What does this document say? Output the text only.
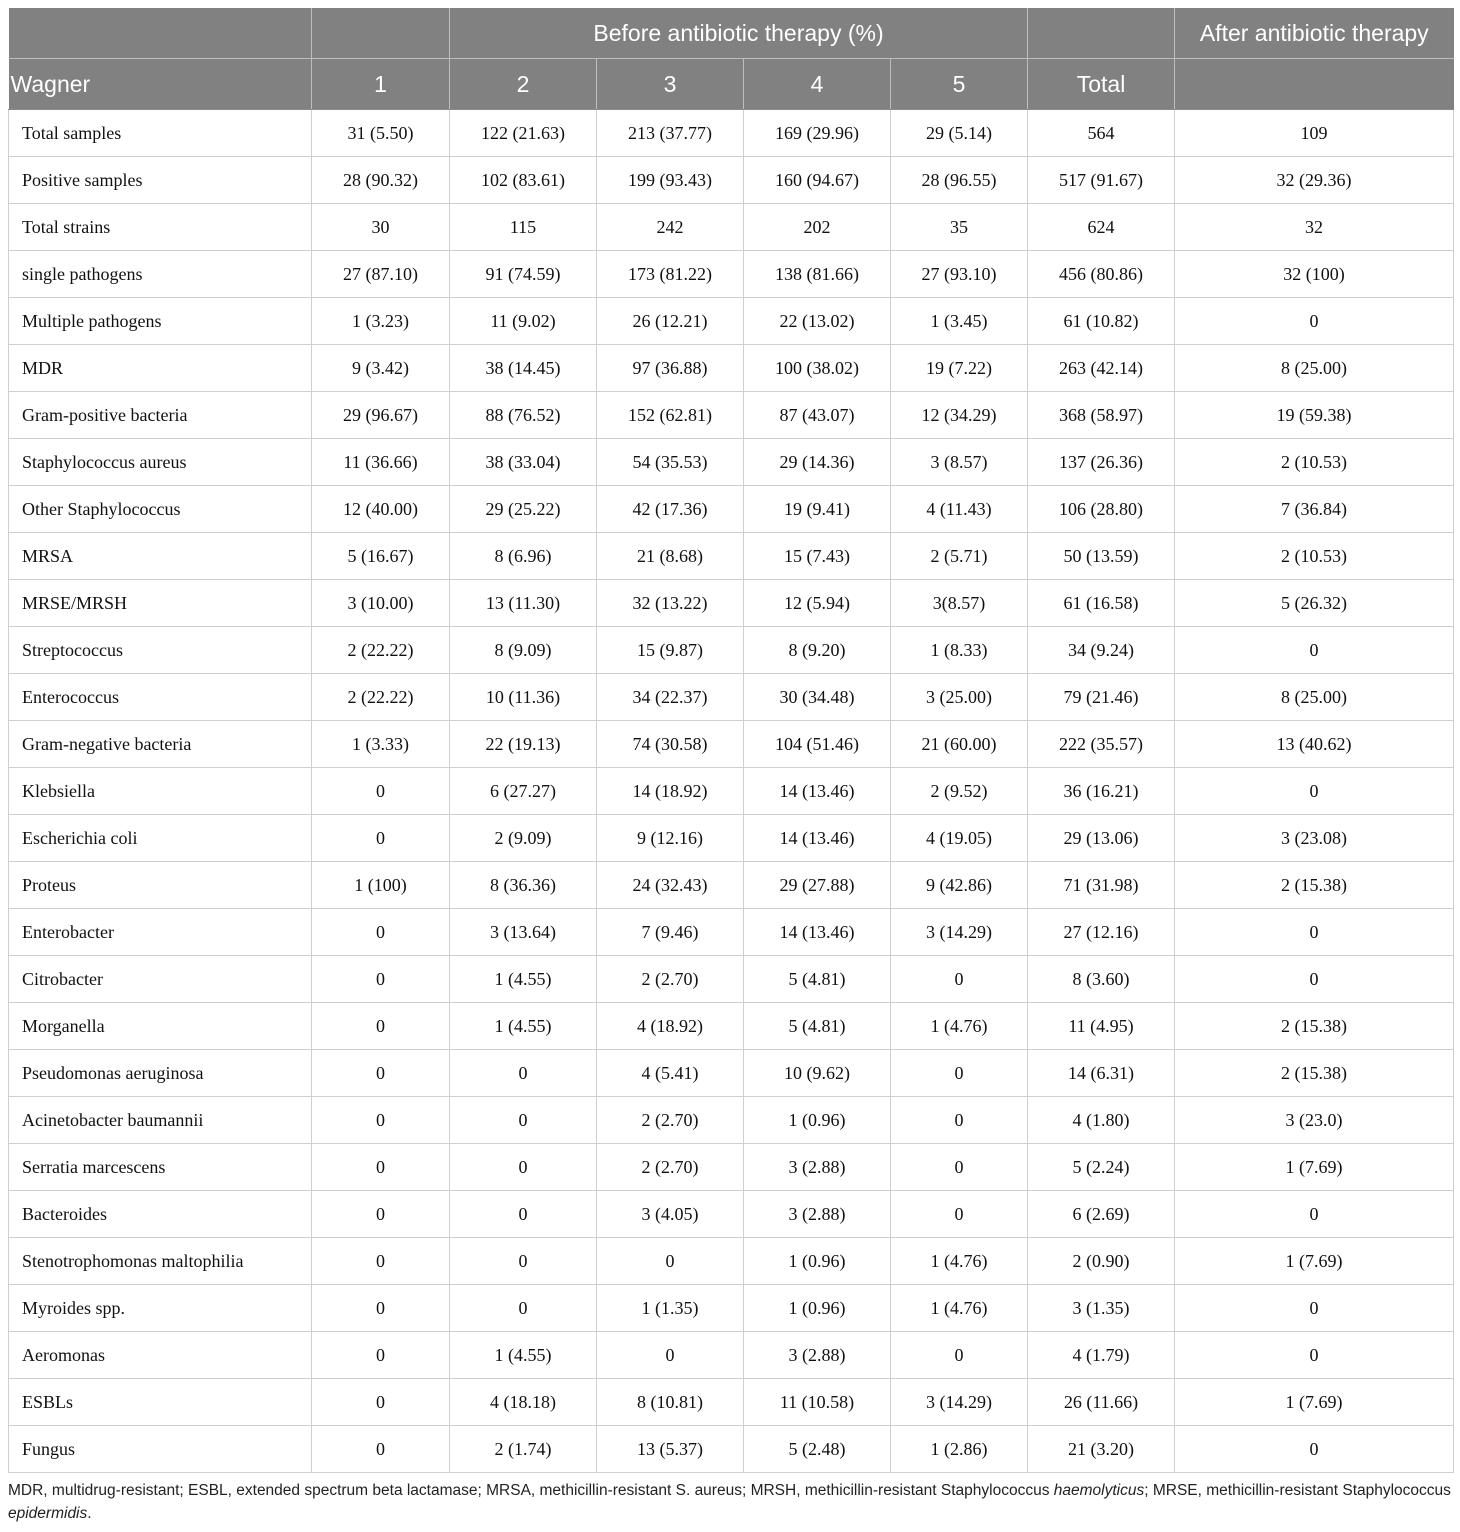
		Before antibiotic therapy (%)					After antibiotic therapy
Wagner	1	2	3	4	5	Total	
Total samples	31 (5.50)	122 (21.63)	213 (37.77)	169 (29.96)	29 (5.14)	564	109
Positive samples	28 (90.32)	102 (83.61)	199 (93.43)	160 (94.67)	28 (96.55)	517 (91.67)	32 (29.36)
Total strains	30	115	242	202	35	624	32
single pathogens	27 (87.10)	91 (74.59)	173 (81.22)	138 (81.66)	27 (93.10)	456 (80.86)	32 (100)
Multiple pathogens	1 (3.23)	11 (9.02)	26 (12.21)	22 (13.02)	1 (3.45)	61 (10.82)	0
MDR	9 (3.42)	38 (14.45)	97 (36.88)	100 (38.02)	19 (7.22)	263 (42.14)	8 (25.00)
Gram-positive bacteria	29 (96.67)	88 (76.52)	152 (62.81)	87 (43.07)	12 (34.29)	368 (58.97)	19 (59.38)
Staphylococcus aureus	11 (36.66)	38 (33.04)	54 (35.53)	29 (14.36)	3 (8.57)	137 (26.36)	2 (10.53)
Other Staphylococcus	12 (40.00)	29 (25.22)	42 (17.36)	19 (9.41)	4 (11.43)	106 (28.80)	7 (36.84)
MRSA	5 (16.67)	8 (6.96)	21 (8.68)	15 (7.43)	2 (5.71)	50 (13.59)	2 (10.53)
MRSE/MRSH	3 (10.00)	13 (11.30)	32 (13.22)	12 (5.94)	3(8.57)	61 (16.58)	5 (26.32)
Streptococcus	2 (22.22)	8 (9.09)	15 (9.87)	8 (9.20)	1 (8.33)	34 (9.24)	0
Enterococcus	2 (22.22)	10 (11.36)	34 (22.37)	30 (34.48)	3 (25.00)	79 (21.46)	8 (25.00)
Gram-negative bacteria	1 (3.33)	22 (19.13)	74 (30.58)	104 (51.46)	21 (60.00)	222 (35.57)	13 (40.62)
Klebsiella	0	6 (27.27)	14 (18.92)	14 (13.46)	2 (9.52)	36 (16.21)	0
Escherichia coli	0	2 (9.09)	9 (12.16)	14 (13.46)	4 (19.05)	29 (13.06)	3 (23.08)
Proteus	1 (100)	8 (36.36)	24 (32.43)	29 (27.88)	9 (42.86)	71 (31.98)	2 (15.38)
Enterobacter	0	3 (13.64)	7 (9.46)	14 (13.46)	3 (14.29)	27 (12.16)	0
Citrobacter	0	1 (4.55)	2 (2.70)	5 (4.81)	0	8 (3.60)	0
Morganella	0	1 (4.55)	4 (18.92)	5 (4.81)	1 (4.76)	11 (4.95)	2 (15.38)
Pseudomonas aeruginosa	0	0	4 (5.41)	10 (9.62)	0	14 (6.31)	2 (15.38)
Acinetobacter baumannii	0	0	2 (2.70)	1 (0.96)	0	4 (1.80)	3 (23.0)
Serratia marcescens	0	0	2 (2.70)	3 (2.88)	0	5 (2.24)	1 (7.69)
Bacteroides	0	0	3 (4.05)	3 (2.88)	0	6 (2.69)	0
Stenotrophomonas maltophilia	0	0	0	1 (0.96)	1 (4.76)	2 (0.90)	1 (7.69)
Myroides spp.	0	0	1 (1.35)	1 (0.96)	1 (4.76)	3 (1.35)	0
Aeromonas	0	1 (4.55)	0	3 (2.88)	0	4 (1.79)	0
ESBLs	0	4 (18.18)	8 (10.81)	11 (10.58)	3 (14.29)	26 (11.66)	1 (7.69)
Fungus	0	2 (1.74)	13 (5.37)	5 (2.48)	1 (2.86)	21 (3.20)	0
MDR, multidrug-resistant; ESBL, extended spectrum beta lactamase; MRSA, methicillin-resistant S. aureus; MRSH, methicillin-resistant Staphylococcus haemolyticus; MRSE, methicillin-resistant Staphylococcus epidermidis.
